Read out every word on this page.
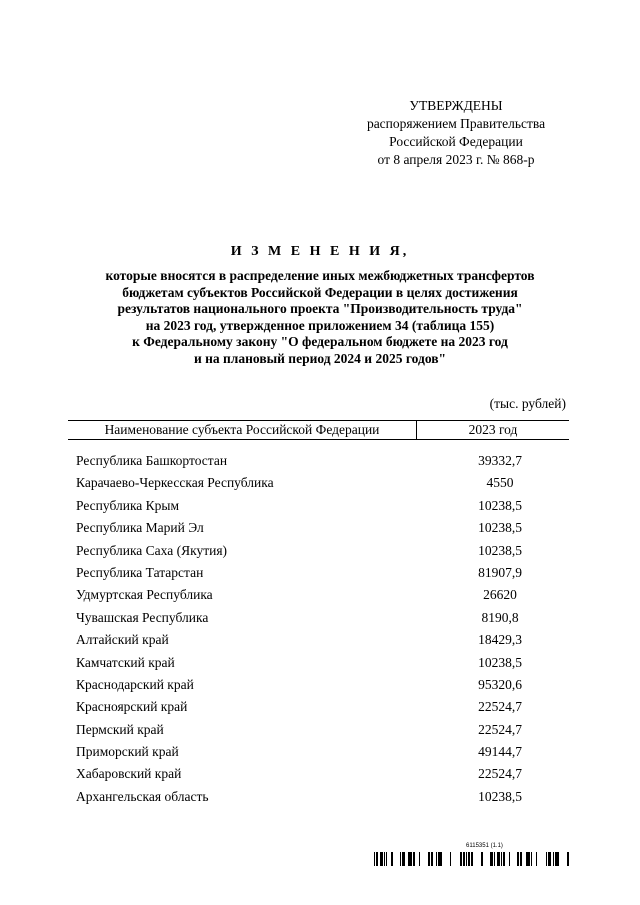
УТВЕРЖДЕНЫ
распоряжением Правительства
Российской Федерации
от 8 апреля 2023 г. № 868-р
И З М Е Н Е Н И Я,
которые вносятся в распределение иных межбюджетных трансфертов
бюджетам субъектов Российской Федерации в целях достижения
результатов национального проекта "Производительность труда"
на 2023 год, утвержденное приложением 34 (таблица 155)
к Федеральному закону "О федеральном бюджете на 2023 год
и на плановый период 2024 и 2025 годов"
(тыс. рублей)
Наименование субъекта Российской Федерации	2023 год
Республика Башкортостан	39332,7
Карачаево-Черкесская Республика	4550
Республика Крым	10238,5
Республика Марий Эл	10238,5
Республика Саха (Якутия)	10238,5
Республика Татарстан	81907,9
Удмуртская Республика	26620
Чувашская Республика	8190,8
Алтайский край	18429,3
Камчатский край	10238,5
Краснодарский край	95320,6
Красноярский край	22524,7
Пермский край	22524,7
Приморский край	49144,7
Хабаровский край	22524,7
Архангельская область	10238,5
6115351 (1.1)
